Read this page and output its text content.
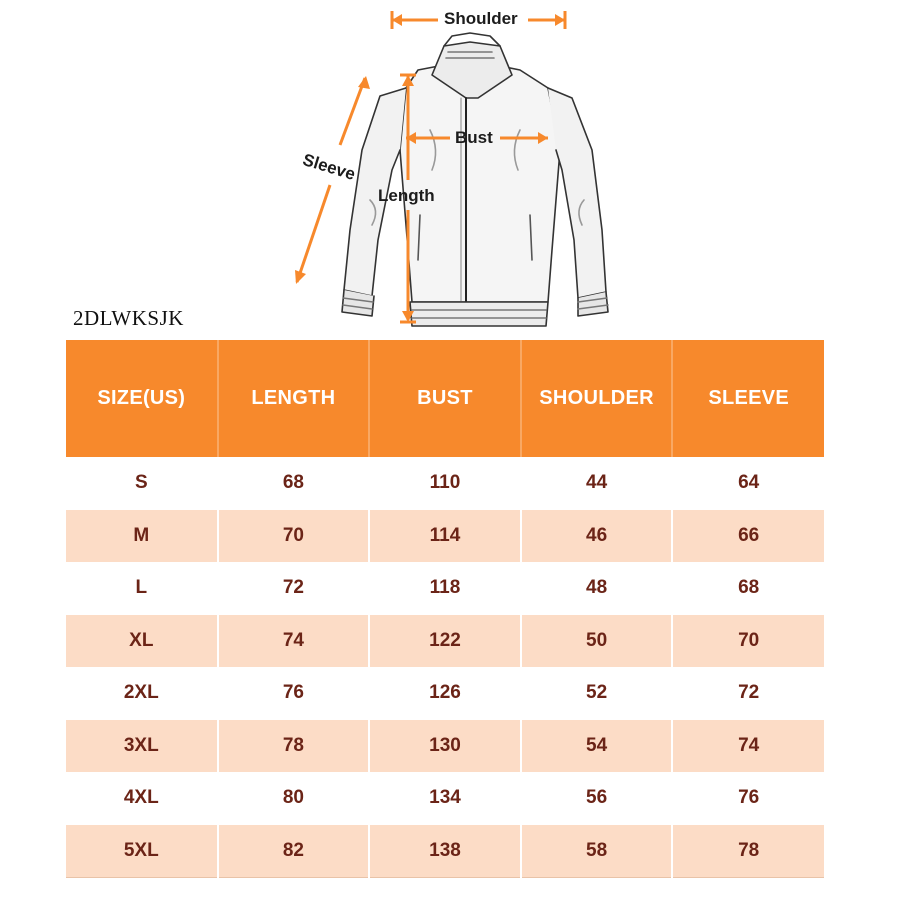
Shoulder
Bust
Length
Sleeve
2DLWKSJK
SIZE(US)	LENGTH	BUST	SHOULDER	SLEEVE
S	68	110	44	64
M	70	114	46	66
L	72	118	48	68
XL	74	122	50	70
2XL	76	126	52	72
3XL	78	130	54	74
4XL	80	134	56	76
5XL	82	138	58	78
